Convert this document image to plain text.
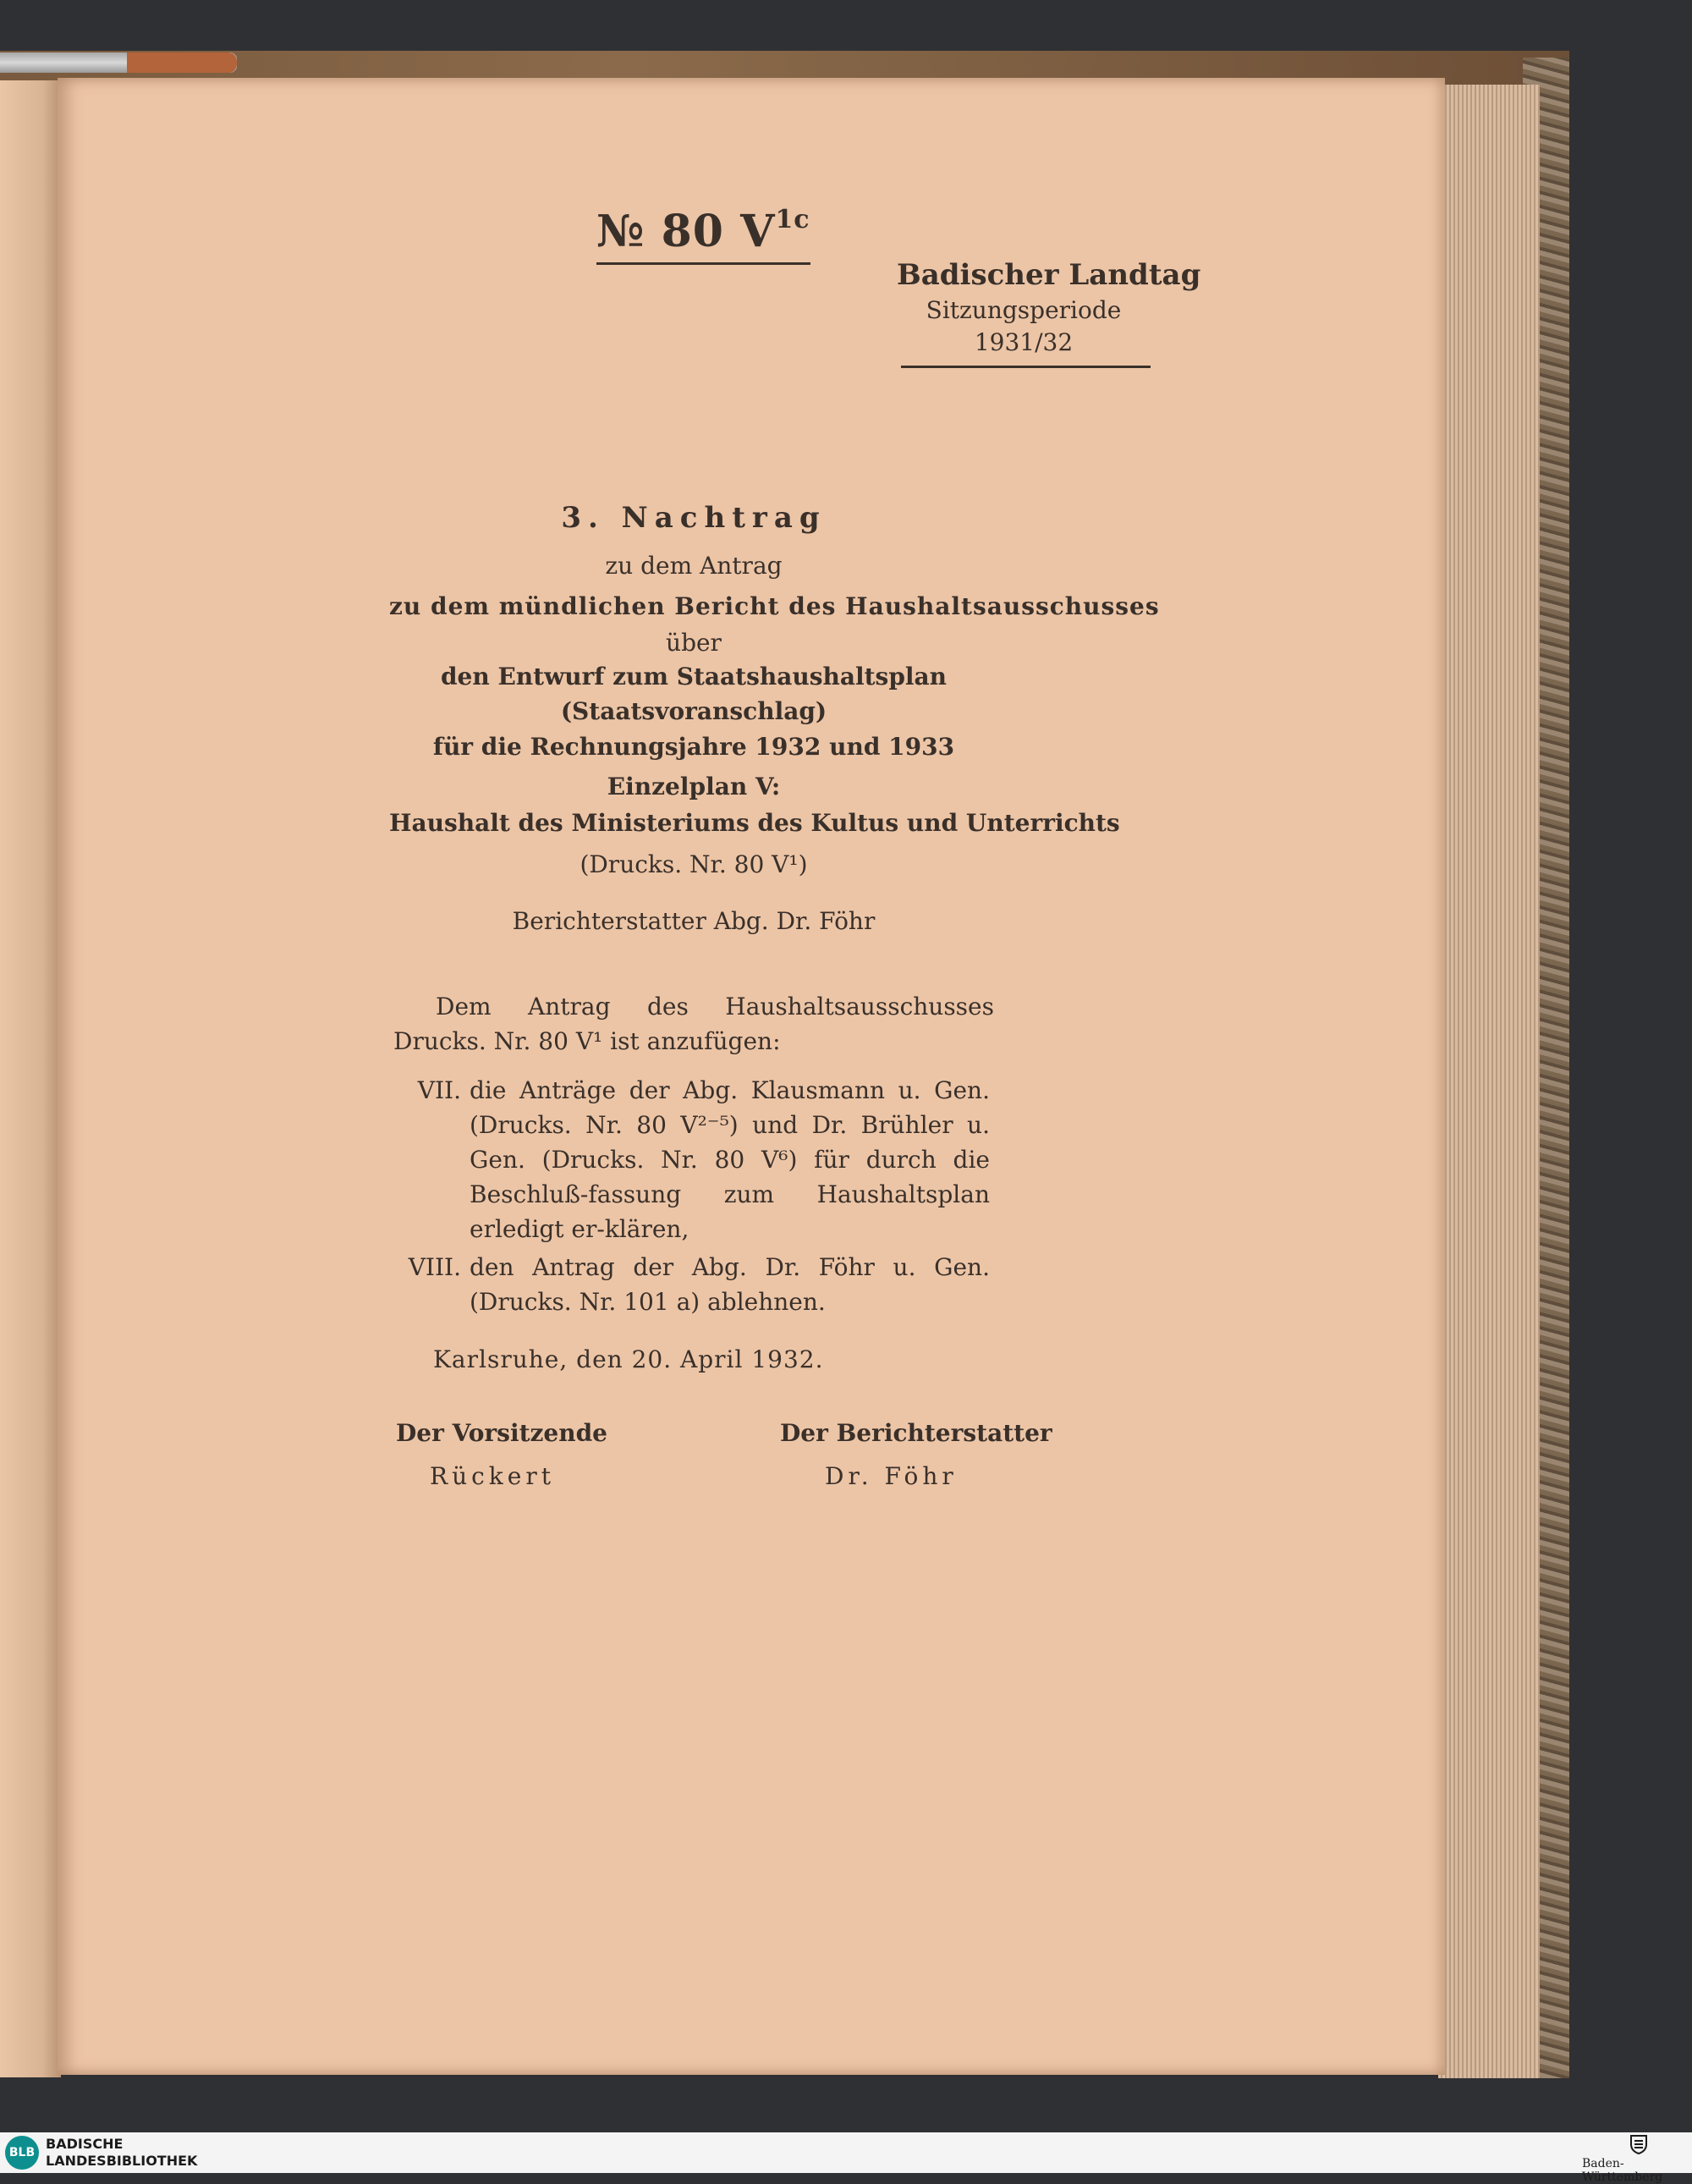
№ 80 $V^{1c}$
Badischer Landtag
Sitzungsperiode
1931/32
3. Nachtrag
zu dem Antrag
zu dem mündlichen Bericht des Haushaltsausschusses
über
den Entwurf zum Staatshaushaltsplan
(Staatsvoranschlag)
für die Rechnungsjahre 1932 und 1933
Einzelplan V:
Haushalt des Ministeriums des Kultus und Unterrichts
(Drucks. Nr. 80 V¹)
Berichterstatter Abg. Dr. Föhr
Dem Antrag des Haushaltsausschusses Drucks. Nr. 80 V¹ ist anzufügen:
VII. die Anträge der Abg. Klausmann u. Gen. (Drucks. Nr. 80 V²⁻⁵) und Dr. Brühler u. Gen. (Drucks. Nr. 80 V⁶) für durch die Beschluß-fassung zum Haushaltsplan erledigt er-klären,
VIII. den Antrag der Abg. Dr. Föhr u. Gen. (Drucks. Nr. 101 a) ablehnen.
Karlsruhe, den 20. April 1932.
Der Vorsitzende
Rückert
Der Berichterstatter
Dr. Föhr
BLB
BADISCHE
LANDESBIBLIOTHEK	Baden-Württemberg
